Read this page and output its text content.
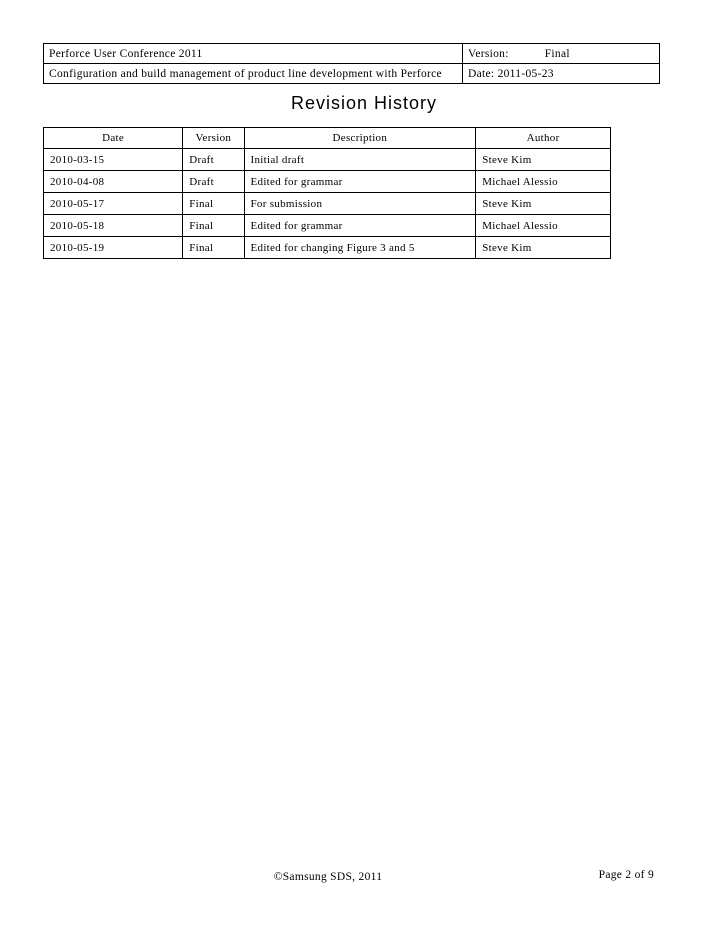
Perforce User Conference 2011	Version: Final
Configuration and build management of product line development with Perforce	Date: 2011-05-23
Revision History
Date	Version	Description	Author
2010-03-15	Draft	Initial draft	Steve Kim
2010-04-08	Draft	Edited for grammar	Michael Alessio
2010-05-17	Final	For submission	Steve Kim
2010-05-18	Final	Edited for grammar	Michael Alessio
2010-05-19	Final	Edited for changing Figure 3 and 5	Steve Kim
©Samsung SDS, 2011	Page 2 of 9
